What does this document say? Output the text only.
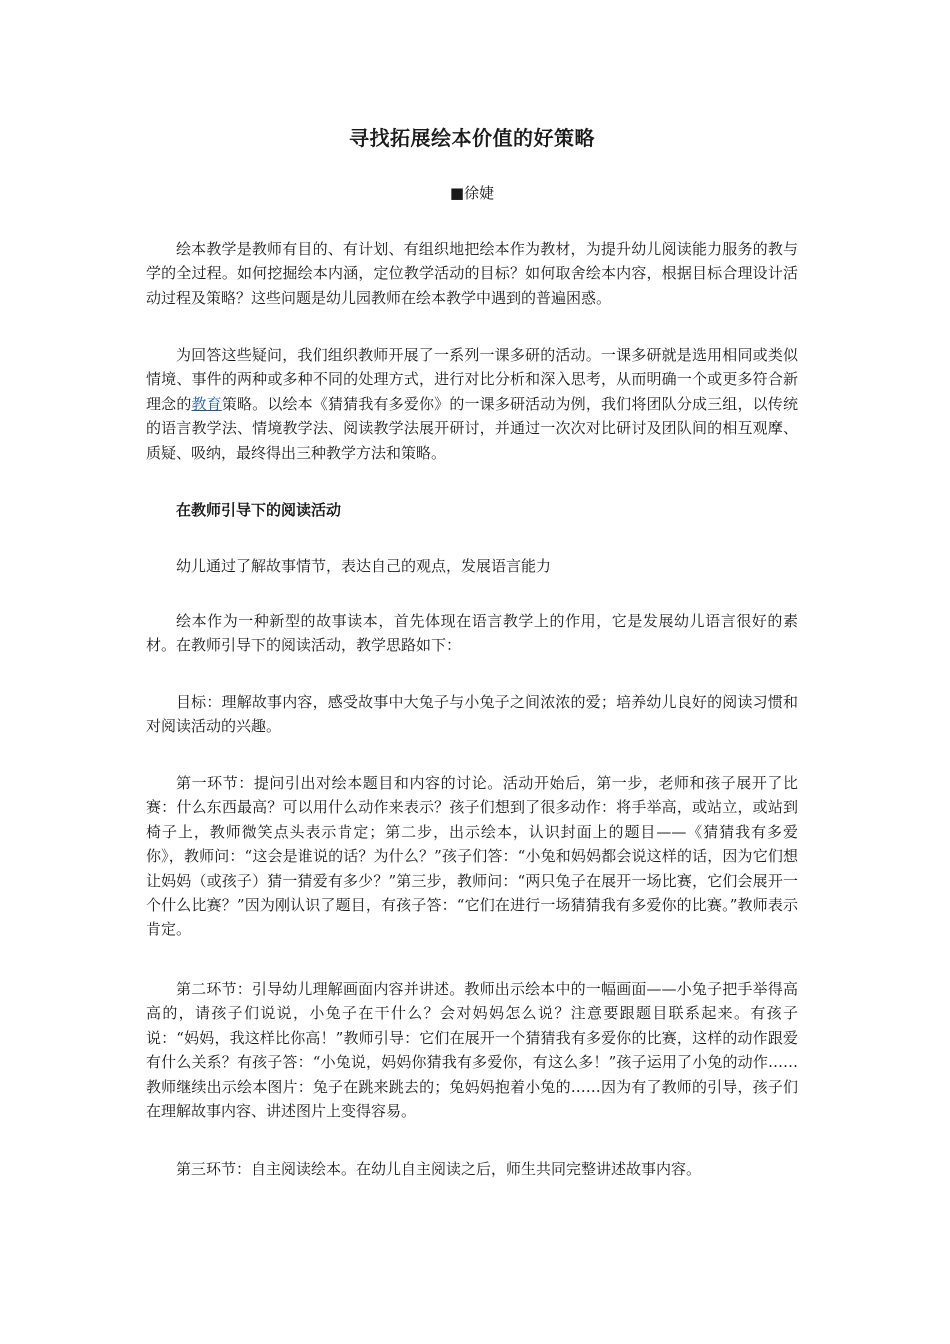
寻找拓展绘本价值的好策略
■徐婕

绘本教学是教师有目的、有计划、有组织地把绘本作为教材，为提升幼儿阅读能力服务的教与学的全过程。如何挖掘绘本内涵，定位教学活动的目标？如何取舍绘本内容，根据目标合理设计活动过程及策略？这些问题是幼儿园教师在绘本教学中遇到的普遍困惑。

为回答这些疑问，我们组织教师开展了一系列一课多研的活动。一课多研就是选用相同或类似情境、事件的两种或多种不同的处理方式，进行对比分析和深入思考，从而明确一个或更多符合新理念的教育策略。以绘本《猜猜我有多爱你》的一课多研活动为例，我们将团队分成三组，以传统的语言教学法、情境教学法、阅读教学法展开研讨，并通过一次次对比研讨及团队间的相互观摩、质疑、吸纳，最终得出三种教学方法和策略。

在教师引导下的阅读活动

幼儿通过了解故事情节，表达自己的观点，发展语言能力

绘本作为一种新型的故事读本，首先体现在语言教学上的作用，它是发展幼儿语言很好的素材。在教师引导下的阅读活动，教学思路如下：

目标：理解故事内容，感受故事中大兔子与小兔子之间浓浓的爱；培养幼儿良好的阅读习惯和对阅读活动的兴趣。

第一环节：提问引出对绘本题目和内容的讨论。活动开始后，第一步，老师和孩子展开了比赛：什么东西最高？可以用什么动作来表示？孩子们想到了很多动作：将手举高，或站立，或站到椅子上，教师微笑点头表示肯定；第二步，出示绘本，认识封面上的题目——《猜猜我有多爱你》，教师问：“这会是谁说的话？为什么？”孩子们答：“小兔和妈妈都会说这样的话，因为它们想让妈妈（或孩子）猜一猜爱有多少？”第三步，教师问：“两只兔子在展开一场比赛，它们会展开一个什么比赛？”因为刚认识了题目，有孩子答：“它们在进行一场猜猜我有多爱你的比赛。”教师表示肯定。

第二环节：引导幼儿理解画面内容并讲述。教师出示绘本中的一幅画面——小兔子把手举得高高的，请孩子们说说，小兔子在干什么？会对妈妈怎么说？注意要跟题目联系起来。有孩子说：“妈妈，我这样比你高！”教师引导：它们在展开一个猜猜我有多爱你的比赛，这样的动作跟爱有什么关系？有孩子答：“小兔说，妈妈你猜我有多爱你，有这么多！”孩子运用了小兔的动作……教师继续出示绘本图片：兔子在跳来跳去的；兔妈妈抱着小兔的……因为有了教师的引导，孩子们在理解故事内容、讲述图片上变得容易。

第三环节：自主阅读绘本。在幼儿自主阅读之后，师生共同完整讲述故事内容。
